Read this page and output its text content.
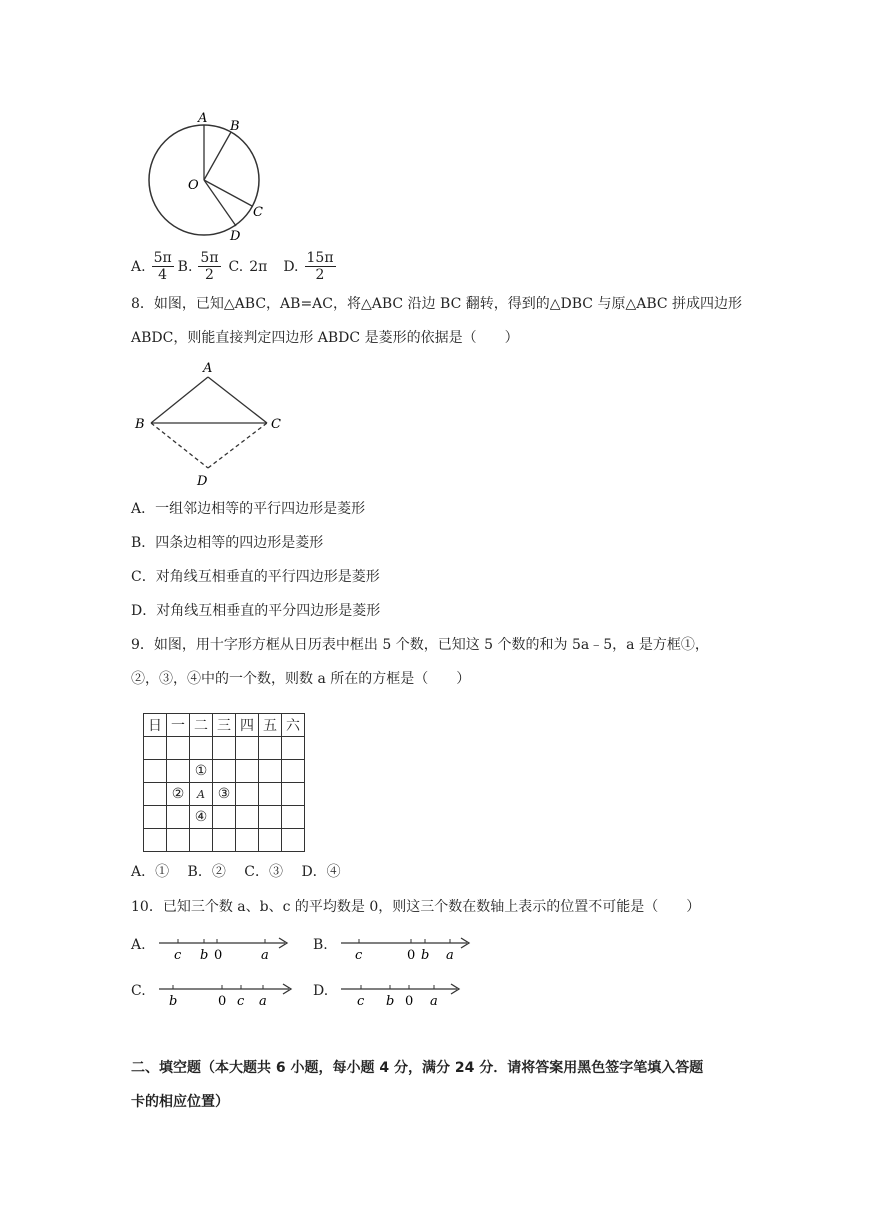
A
B
O
C
D
A. $\frac{5\pi}{4} B$. $\frac{5\pi}{2} C$. 2π D. $\frac{15\pi}{2}$
8．如图，已知△ABC，AB=AC，将△ABC 沿边 BC 翻转，得到的△DBC 与原△ABC 拼成四边形
ABDC，则能直接判定四边形 ABDC 是菱形的依据是（　　）
A
B	C
D
A．一组邻边相等的平行四边形是菱形
B．四条边相等的四边形是菱形
C．对角线互相垂直的平行四边形是菱形
D．对角线互相垂直的平分四边形是菱形
9．如图，用十字形方框从日历表中框出 5 个数，已知这 5 个数的和为 5a﹣5，a 是方框①，
②，③，④中的一个数，则数 a 所在的方框是（　　）
日	一	二	三	四	五	六

		①				
	②	A	③			
		④				

A．①　 B．②　 C．③　 D．④
10．已知三个数 a、b、c 的平均数是 0，则这三个数在数轴上表示的位置不可能是（　　）
A.	B.
C.	D.
c b 0	a	c	0 b a
b	0 c a	c b 0 a
二、填空题（本大题共 6 小题，每小题 4 分，满分 24 分．请将答案用黑色签字笔填入答题
卡的相应位置）
